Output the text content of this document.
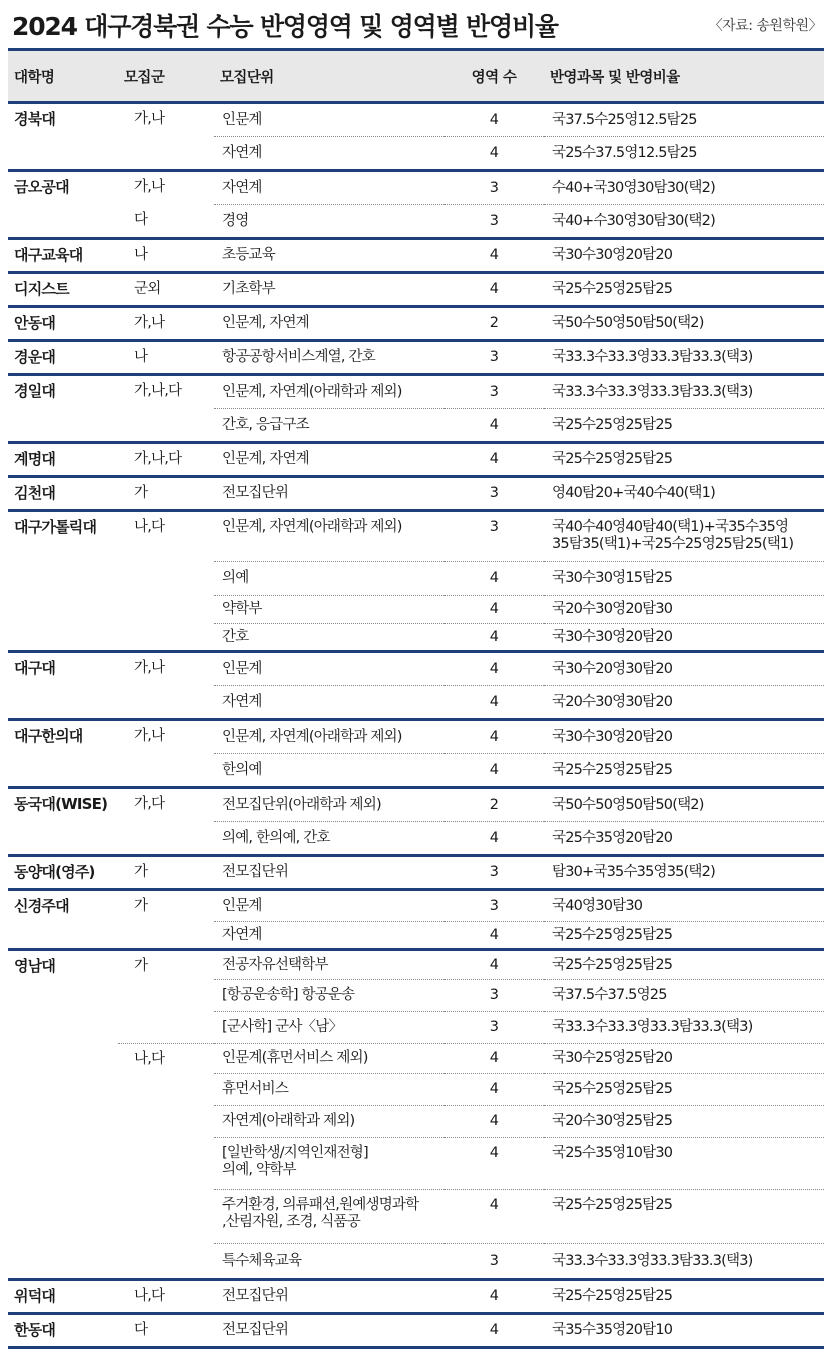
2024 대구경북권 수능 반영영역 및 영역별 반영비율	〈자료: 송원학원〉
대학명	모집군	모집단위	영역 수	반영과목 및 반영비율
경북대	가,나	인문계	4	국37.5수25영12.5탐25
		자연계	4	국25수37.5영12.5탐25
금오공대	가,나	자연계	3	수40+국30영30탐30(택2)
	다	경영	3	국40+수30영30탐30(택2)
대구교육대	나	초등교육	4	국30수30영20탐20
디지스트	군외	기초학부	4	국25수25영25탐25
안동대	가,나	인문계, 자연계	2	국50수50영50탐50(택2)
경운대	나	항공공항서비스계열, 간호	3	국33.3수33.3영33.3탐33.3(택3)
경일대	가,나,다	인문계, 자연계(아래학과 제외)	3	국33.3수33.3영33.3탐33.3(택3)
		간호, 응급구조	4	국25수25영25탐25
계명대	가,나,다	인문계, 자연계	4	국25수25영25탐25
김천대	가	전모집단위	3	영40탐20+국40수40(택1)
대구가톨릭대	나,다	인문계, 자연계(아래학과 제외)	3	국40수40영40탐40(택1)+국35수35영
35탐35(택1)+국25수25영25탐25(택1)

		의예	4	국30수30영15탐25
		약학부	4	국20수30영20탐30
		간호	4	국30수30영20탐20
대구대	가,나	인문계	4	국30수20영30탐20
		자연계	4	국20수30영30탐20
대구한의대	가,나	인문계, 자연계(아래학과 제외)	4	국30수30영20탐20
		한의예	4	국25수25영25탐25
동국대(WISE)	가,다	전모집단위(아래학과 제외)	2	국50수50영50탐50(택2)
		의예, 한의예, 간호	4	국25수35영20탐20
동양대(영주)	가	전모집단위	3	탐30+국35수35영35(택2)
신경주대	가	인문계	3	국40영30탐30
		자연계	4	국25수25영25탐25
영남대	가	전공자유선택학부	4	국25수25영25탐25
		[항공운송학] 항공운송	3	국37.5수37.5영25
		[군사학] 군사〈남〉	3	국33.3수33.3영33.3탐33.3(택3)
	나,다	인문계(휴먼서비스 제외)	4	국30수25영25탐20
		휴먼서비스	4	국25수25영25탐25
		자연계(아래학과 제외)	4	국20수30영25탐25

		[일반학생/지역인재전형]
의예, 약학부	4	국25수35영10탐30

		주거환경, 의류패션,원예생명과학
,산림자원, 조경, 식품공	4	국25수25영25탐25
		특수체육교육	3	국33.3수33.3영33.3탐33.3(택3)
위덕대	나,다	전모집단위	4	국25수25영25탐25
한동대	다	전모집단위	4	국35수35영20탐10
